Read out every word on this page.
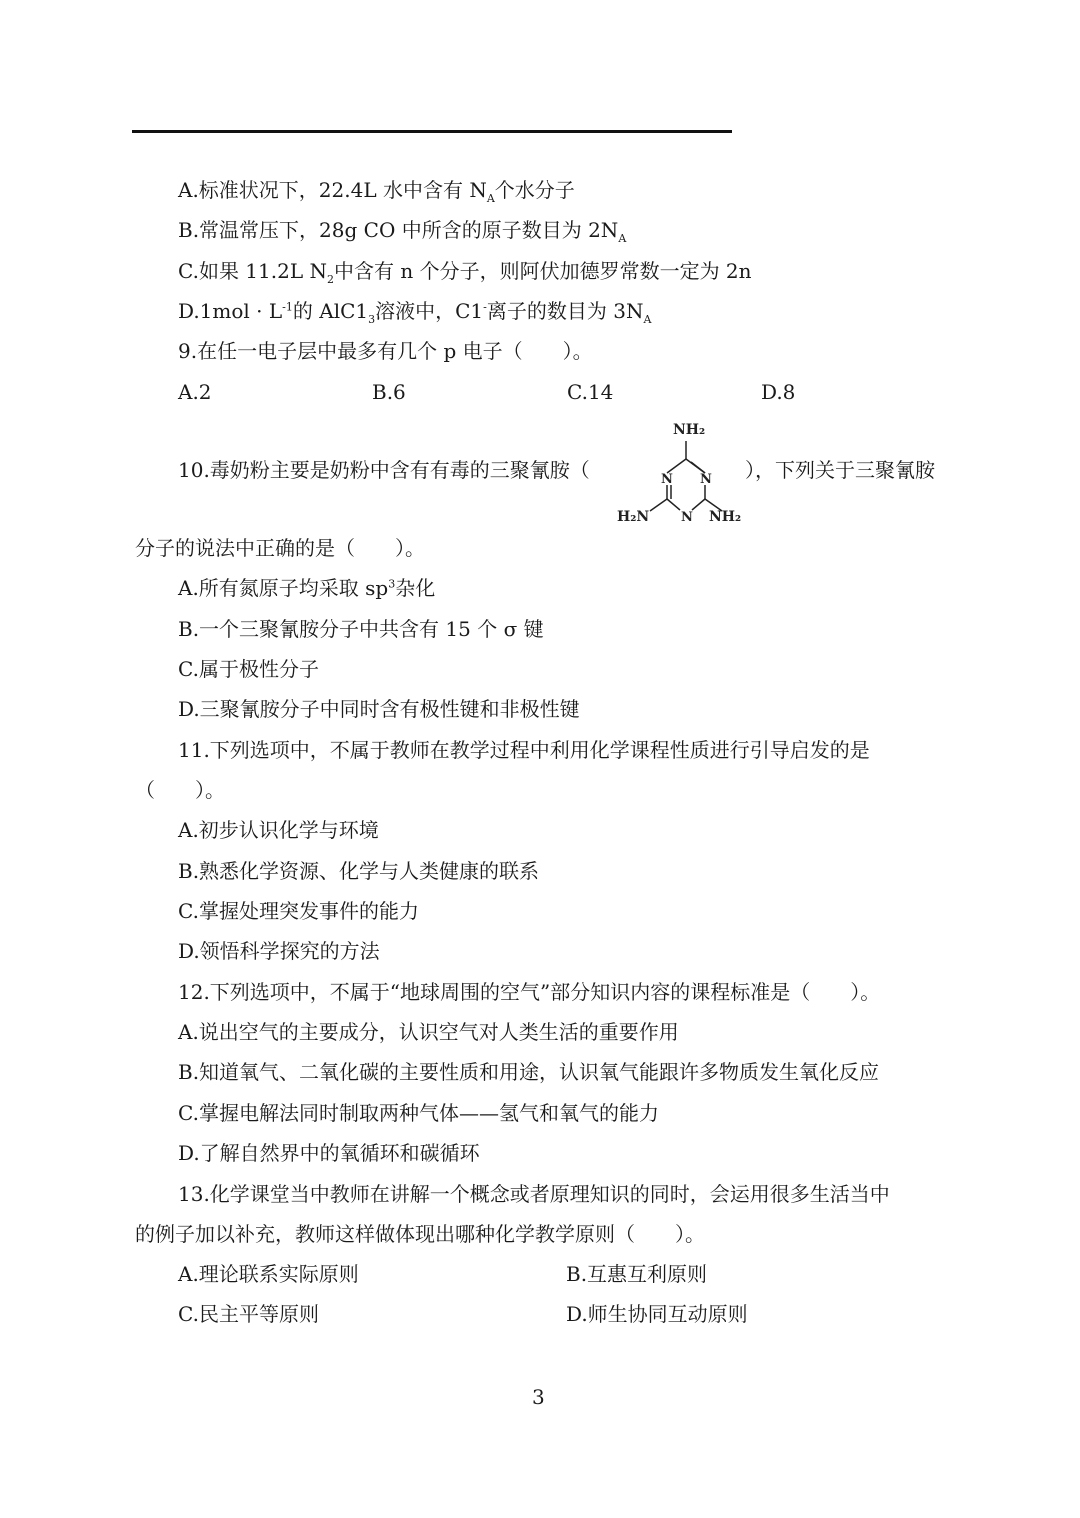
A.标准状况下，22.4L 水中含有 $N_A$个水分子
B.常温常压下，28g CO 中所含的原子数目为 $2N_A$
C.如果 11.2L $N_2$中含有 n 个分子，则阿伏加德罗常数一定为 2n
$D.1mol \cdot L^{-1}$的 $AlC1_3$溶液中，C1-离子的数目为 $3N_A$
9.在任一电子层中最多有几个 p 电子（　　）。
A.2	B.6	C.14	D.8
10.毒奶粉主要是奶粉中含有有毒的三聚氰胺（	），下列关于三聚氰胺
NH₂
N N
N
H₂N	NH₂
分子的说法中正确的是（　　）。
A.所有氮原子均采取 $sp^3$杂化
B.一个三聚氰胺分子中共含有 15 个 σ 键
C.属于极性分子
D.三聚氰胺分子中同时含有极性键和非极性键
11.下列选项中，不属于教师在教学过程中利用化学课程性质进行引导启发的是
（　　）。
A.初步认识化学与环境
B.熟悉化学资源、化学与人类健康的联系
C.掌握处理突发事件的能力
D.领悟科学探究的方法
12.下列选项中，不属于“地球周围的空气”部分知识内容的课程标准是（　　）。
A.说出空气的主要成分，认识空气对人类生活的重要作用
B.知道氧气、二氧化碳的主要性质和用途，认识氧气能跟许多物质发生氧化反应
C.掌握电解法同时制取两种气体——氢气和氧气的能力
D.了解自然界中的氧循环和碳循环
13.化学课堂当中教师在讲解一个概念或者原理知识的同时，会运用很多生活当中
的例子加以补充，教师这样做体现出哪种化学教学原则（　　）。
A.理论联系实际原则	B.互惠互利原则
C.民主平等原则	D.师生协同互动原则
3
